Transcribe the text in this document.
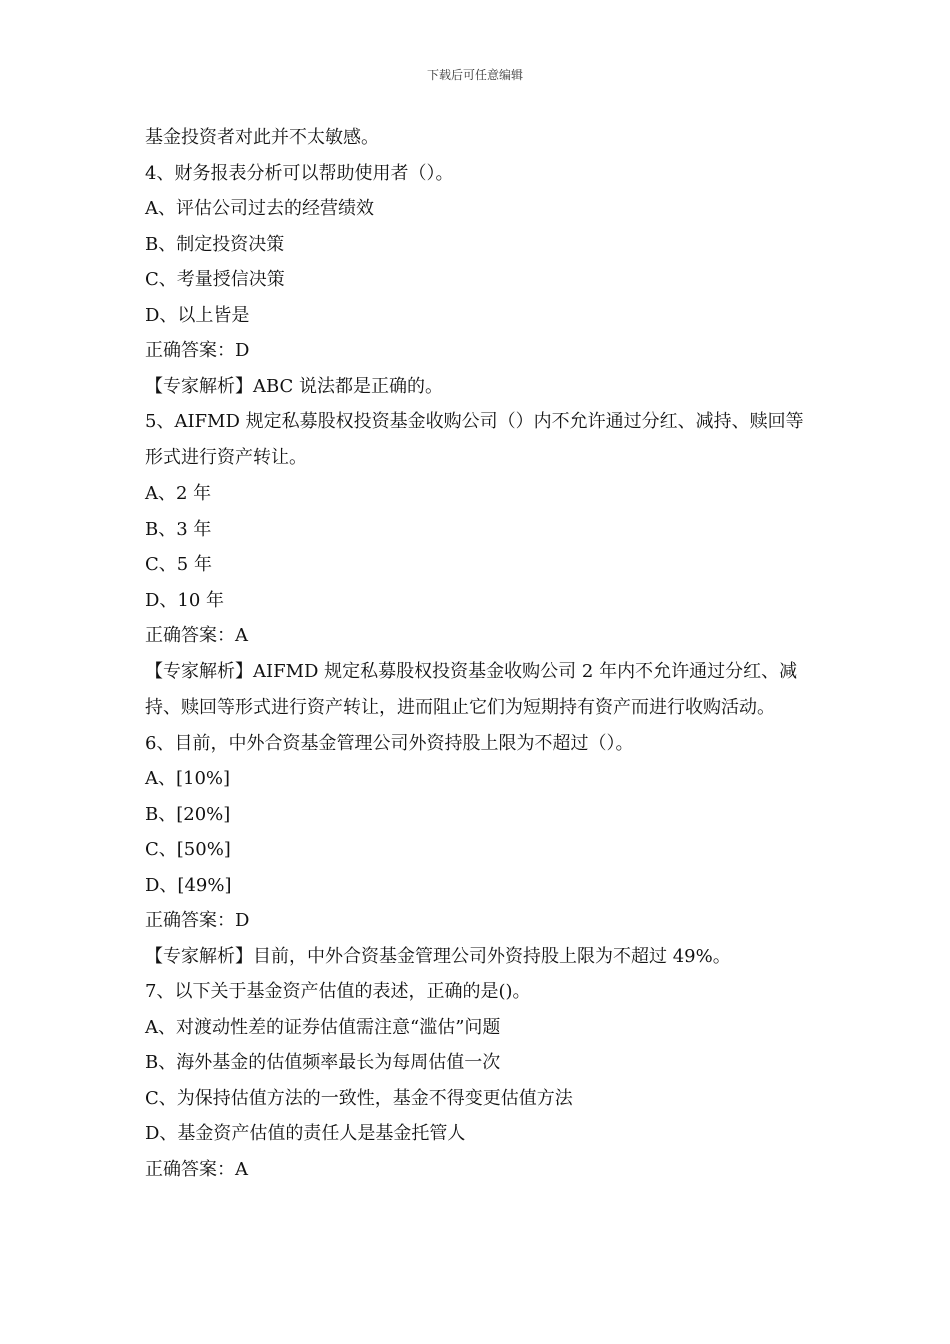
下载后可任意编辑
基金投资者对此并不太敏感。
4、财务报表分析可以帮助使用者（）。
A、评估公司过去的经营绩效
B、制定投资决策
C、考量授信决策
D、以上皆是
正确答案：D
【专家解析】ABC 说法都是正确的。
5、AIFMD 规定私募股权投资基金收购公司（）内不允许通过分红、减持、赎回等形式进行资产转让。
A、2 年
B、3 年
C、5 年
D、10 年
正确答案：A
【专家解析】AIFMD 规定私募股权投资基金收购公司 2 年内不允许通过分红、减持、赎回等形式进行资产转让，进而阻止它们为短期持有资产而进行收购活动。
6、目前，中外合资基金管理公司外资持股上限为不超过（）。
A、[10%]
B、[20%]
C、[50%]
D、[49%]
正确答案：D
【专家解析】目前，中外合资基金管理公司外资持股上限为不超过 49%。
7、以下关于基金资产估值的表述，正确的是()。
A、对渡动性差的证券估值需注意“滥估”问题
B、海外基金的估值频率最长为每周估值一次
C、为保持估值方法的一致性，基金不得变更估值方法
D、基金资产估值的责任人是基金托管人
正确答案：A
